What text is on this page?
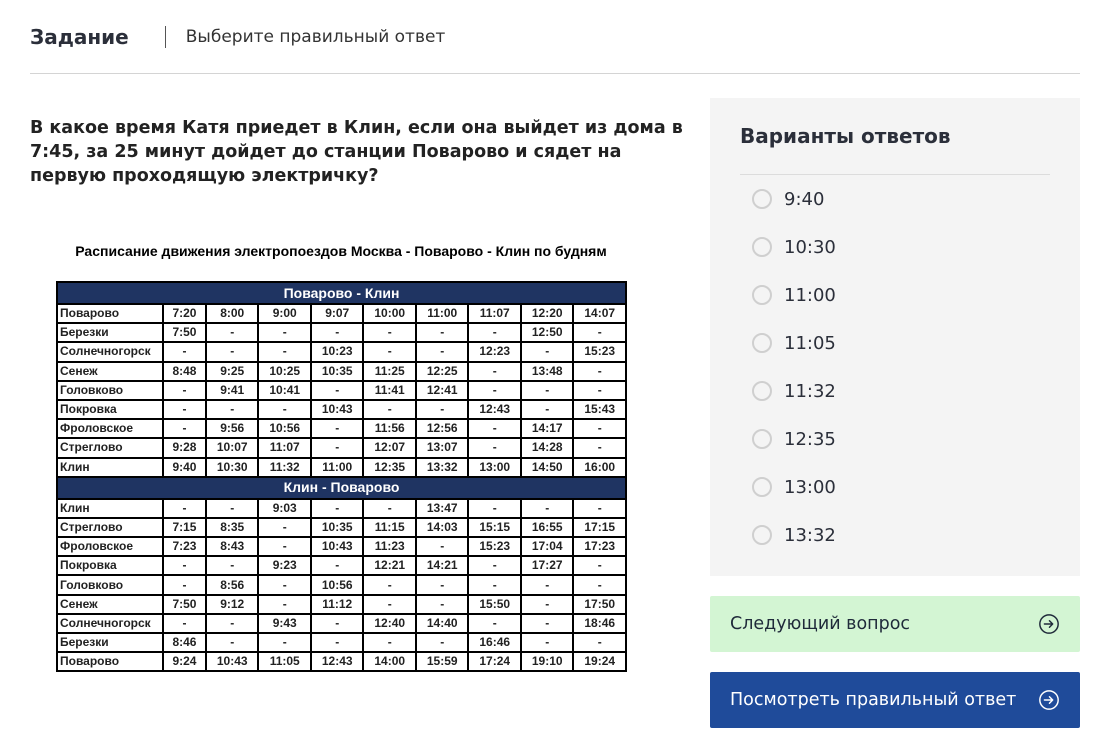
Задание	Выберите правильный ответ
В какое время Катя приедет в Клин, если она выйдет из дома в 7:45, за 25 минут дойдет до станции Поварово и сядет на первую проходящую электричку?
Расписание движения электропоездов Москва - Поварово - Клин по будням
Поварово - Клин									
Поварово	7:20	8:00	9:00	9:07	10:00	11:00	11:07	12:20	14:07
Березки	7:50	-	-	-	-	-	-	12:50	-
Солнечногорск	-	-	-	10:23	-	-	12:23	-	15:23
Сенеж	8:48	9:25	10:25	10:35	11:25	12:25	-	13:48	-
Головково	-	9:41	10:41	-	11:41	12:41	-	-	-
Покровка	-	-	-	10:43	-	-	12:43	-	15:43
Фроловское	-	9:56	10:56	-	11:56	12:56	-	14:17	-
Стреглово	9:28	10:07	11:07	-	12:07	13:07	-	14:28	-
Клин	9:40	10:30	11:32	11:00	12:35	13:32	13:00	14:50	16:00
Клин - Поварово									
Клин	-	-	9:03	-	-	13:47	-	-	-
Стреглово	7:15	8:35	-	10:35	11:15	14:03	15:15	16:55	17:15
Фроловское	7:23	8:43	-	10:43	11:23	-	15:23	17:04	17:23
Покровка	-	-	9:23	-	12:21	14:21	-	17:27	-
Головково	-	8:56	-	10:56	-	-	-	-	-
Сенеж	7:50	9:12	-	11:12	-	-	15:50	-	17:50
Солнечногорск	-	-	9:43	-	12:40	14:40	-	-	18:46
Березки	8:46	-	-	-	-	-	16:46	-	-
Поварово	9:24	10:43	11:05	12:43	14:00	15:59	17:24	19:10	19:24
Варианты ответов
9:40
10:30
11:00
11:05
11:32
12:35
13:00
13:32
Следующий вопрос
Посмотреть правильный ответ
